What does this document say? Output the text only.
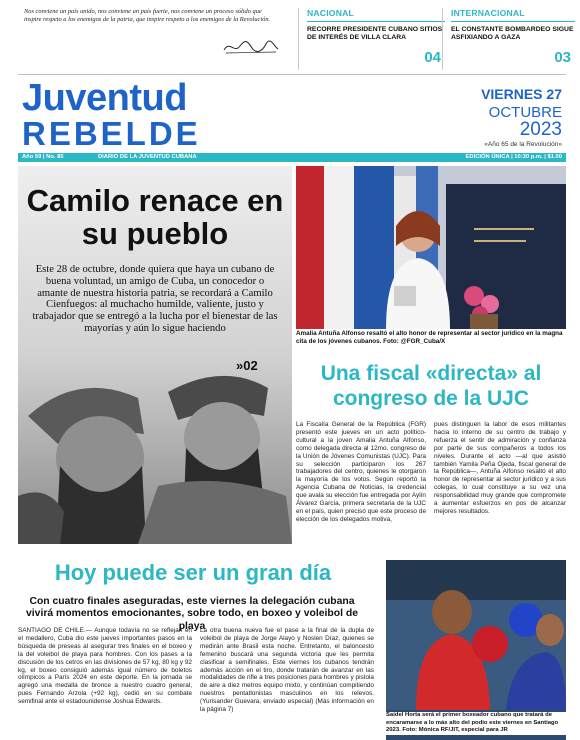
Nos conviene un país unido, nos conviene un país fuerte, nos conviene un proceso sólido que inspire respeto a los enemigos de la patria, que inspire respeto a los enemigos de la Revolución.
NACIONAL
RECORRE PRESIDENTE CUBANO SITIOS DE INTERÉS DE VILLA CLARA
04
INTERNACIONAL
EL CONSTANTE BOMBARDEO SIGUE ASFIXIANDO A GAZA
03
Juventud
REBELDE
VIERNES 27
OCTUBRE
2023
«Año 65 de la Revolución»
Año 59 | No. 85	DIARIO DE LA JUVENTUD CUBANA	EDICIÓN ÚNICA | 10:30 p.m. | $1.00
Camilo renace en su pueblo
Este 28 de octubre, donde quiera que haya un cubano de buena voluntad, un amigo de Cuba, un conocedor o amante de nuestra historia patria, se recordará a Camilo Cienfuegos: al muchacho humilde, valiente, justo y trabajador que se entregó a la lucha por el bienestar de las mayorías y aún lo sigue haciendo
»02
Amalia Antuña Alfonso resaltó el alto honor de representar al sector jurídico en la magna cita de los jóvenes cubanos. Foto: @FGR_Cuba/X
Una fiscal «directa» al congreso de la UJC
La Fiscalía General de la República (FGR) presentó este jueves en un acto político-cultural a la joven Amalia Antuña Alfonso, como delegada directa al 12mo. congreso de la Unión de Jóvenes Comunistas (UJC). Para su selección participaron los 267 trabajadores del centro, quienes le otorgaron la mayoría de los votos. Según reportó la Agencia Cubana de Noticias, la credencial que avala su elección fue entregada por Aylín Álvarez García, primera secretaria de la UJC en el país, quien precisó que este proceso de elección de los delegados motiva,
pues distinguen la labor de esos militantes hacia lo interno de su centro de trabajo y refuerza el sentir de admiración y confianza por parte de sus compañeros a todos los niveles. Durante el acto —al que asistió también Yamila Peña Ojeda, fiscal general de la República—, Antuña Alfonso resaltó el alto honor de representar al sector jurídico y a sus colegas, lo cual constituye a su vez una responsabilidad muy grande que compromete a aumentar esfuerzos en pos de alcanzar mejores resultados.
Hoy puede ser un gran día
Con cuatro finales aseguradas, este viernes la delegación cubana vivirá momentos emocionantes, sobre todo, en boxeo y voleibol de playa
SANTIAGO DE CHILE.— Aunque todavía no se reflejan en el medallero, Cuba dio este jueves importantes pasos en la búsqueda de preseas al asegurar tres finales en el boxeo y la del voleibol de playa para hombres. Con los pases a la discusión de los cetros en las divisiones de 57 kg, 80 kg y 92 kg, el boxeo consiguió además igual número de boletos olímpicos a París 2024 en este deporte. En la jornada se agregó una medalla de bronce a nuestro cuadro general, pues Fernando Arzola (+92 kg), cedió en su combate semifinal ante el estadounidense Joshua Edwards.
La otra buena nueva fue el pase a la final de la dupla de voleibol de playa de Jorge Alayo y Noslen Díaz, quienes se medirán ante Brasil esta noche. Entretanto, el baloncesto femenino buscará una segunda victoria que les permita clasificar a semifinales. Este viernes los cubanos tendrán además acción en el tiro, donde tratarán de avanzar en las modalidades de rifle a tres posiciones para hombres y pistola de aire a diez metros equipo mixto, y continúan compitiendo nuestros pentatlonistas masculinos en los relevos. (Yurisander Guevara, enviado especial) (Más información en la página 7)
Saidel Horta será el primer boxeador cubano que tratará de encaramarse a lo más alto del podio este viernes en Santiago 2023. Foto: Mónica RF/JIT, especial para JR
